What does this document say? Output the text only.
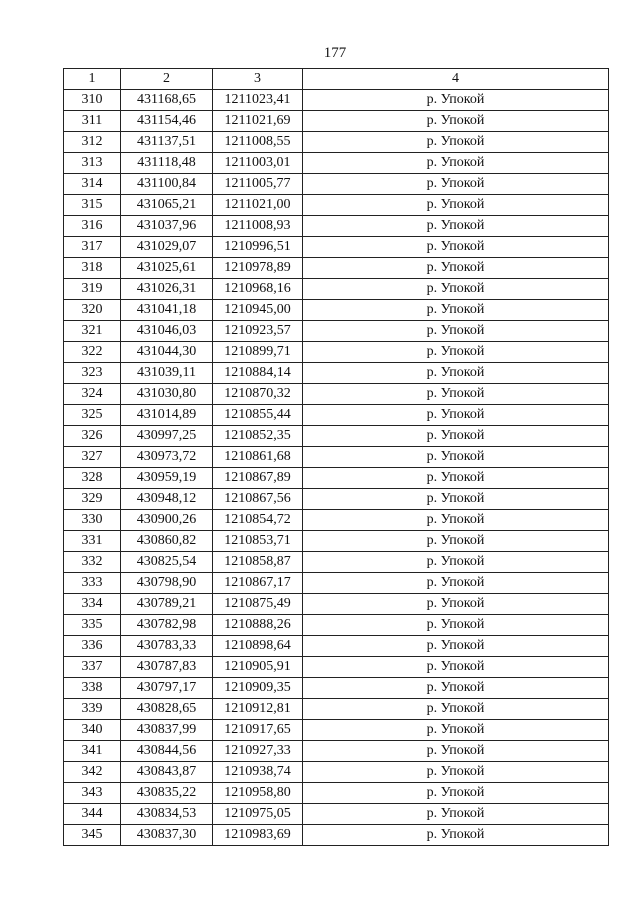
177
1	2	3	4
310	431168,65	1211023,41	р. Упокой
311	431154,46	1211021,69	р. Упокой
312	431137,51	1211008,55	р. Упокой
313	431118,48	1211003,01	р. Упокой
314	431100,84	1211005,77	р. Упокой
315	431065,21	1211021,00	р. Упокой
316	431037,96	1211008,93	р. Упокой
317	431029,07	1210996,51	р. Упокой
318	431025,61	1210978,89	р. Упокой
319	431026,31	1210968,16	р. Упокой
320	431041,18	1210945,00	р. Упокой
321	431046,03	1210923,57	р. Упокой
322	431044,30	1210899,71	р. Упокой
323	431039,11	1210884,14	р. Упокой
324	431030,80	1210870,32	р. Упокой
325	431014,89	1210855,44	р. Упокой
326	430997,25	1210852,35	р. Упокой
327	430973,72	1210861,68	р. Упокой
328	430959,19	1210867,89	р. Упокой
329	430948,12	1210867,56	р. Упокой
330	430900,26	1210854,72	р. Упокой
331	430860,82	1210853,71	р. Упокой
332	430825,54	1210858,87	р. Упокой
333	430798,90	1210867,17	р. Упокой
334	430789,21	1210875,49	р. Упокой
335	430782,98	1210888,26	р. Упокой
336	430783,33	1210898,64	р. Упокой
337	430787,83	1210905,91	р. Упокой
338	430797,17	1210909,35	р. Упокой
339	430828,65	1210912,81	р. Упокой
340	430837,99	1210917,65	р. Упокой
341	430844,56	1210927,33	р. Упокой
342	430843,87	1210938,74	р. Упокой
343	430835,22	1210958,80	р. Упокой
344	430834,53	1210975,05	р. Упокой
345	430837,30	1210983,69	р. Упокой
